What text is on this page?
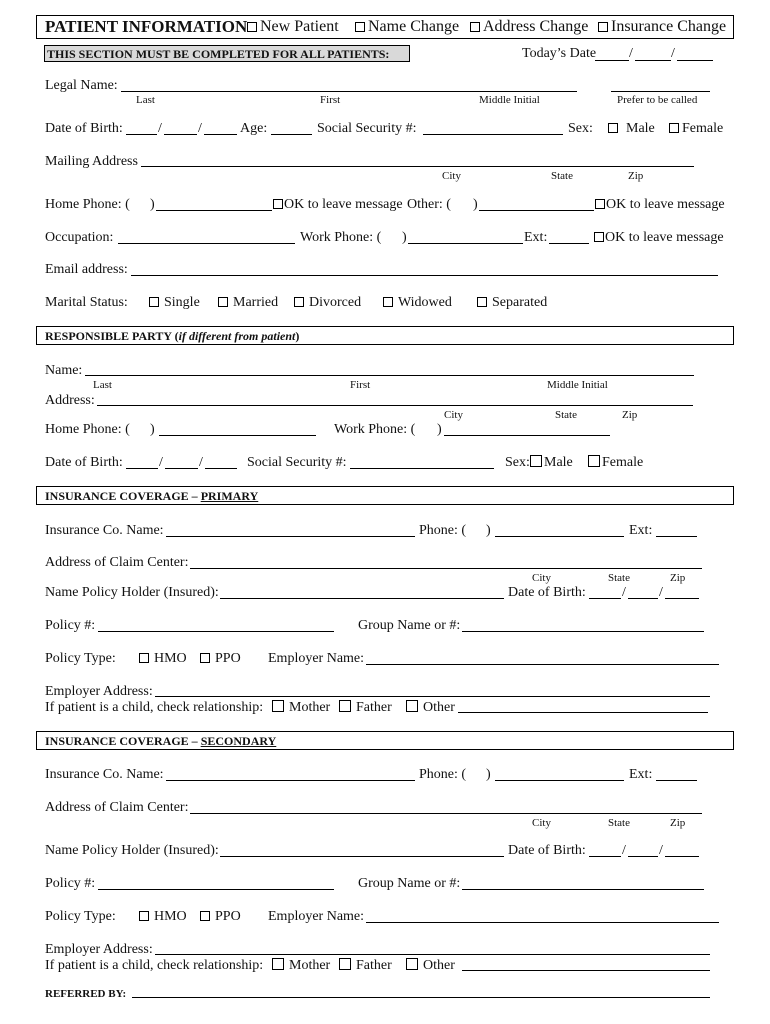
PATIENT INFORMATION New Patient	Name Change	Address Change	Insurance Change
THIS SECTION MUST BE COMPLETED FOR ALL PATIENTS:	Today’s Date /	/
Legal Name:
Last	First	Middle Initial	Prefer to be called
Date of Birth:	/	/	Age:	Social Security #:	Sex:	Male	Female
Mailing Address
City	State	Zip
Home Phone: ( )	OK to leave message Other: ( )	OK to leave message
Occupation:	Work Phone: ( )	Ext:	OK to leave message
Email address:
Marital Status:	Single	Married	Divorced	Widowed	Separated
RESPONSIBLE PARTY (if different from patient)
Name:
Last	First	Middle Initial
Address:
City	State	Zip
Home Phone: ( )	Work Phone: ( )
Date of Birth:	/	/	Social Security #:	Sex:	Male	Female
INSURANCE COVERAGE – PRIMARY
Insurance Co. Name:	Phone: ( )	Ext:
Address of Claim Center:
City	State	Zip
Name Policy Holder (Insured):	Date of Birth:	/ /
Policy #:	Group Name or #:
Policy Type:	HMO	PPO Employer Name:
Employer Address:
If patient is a child, check relationship:	Mother	Father	Other
INSURANCE COVERAGE – SECONDARY
Insurance Co. Name:	Phone: ( )	Ext:
Address of Claim Center:
City	State	Zip
Name Policy Holder (Insured):	Date of Birth:	/ /
Policy #:	Group Name or #:
Policy Type:	HMO	PPO Employer Name:
Employer Address:
If patient is a child, check relationship:	Mother	Father	Other
REFERRED BY:
